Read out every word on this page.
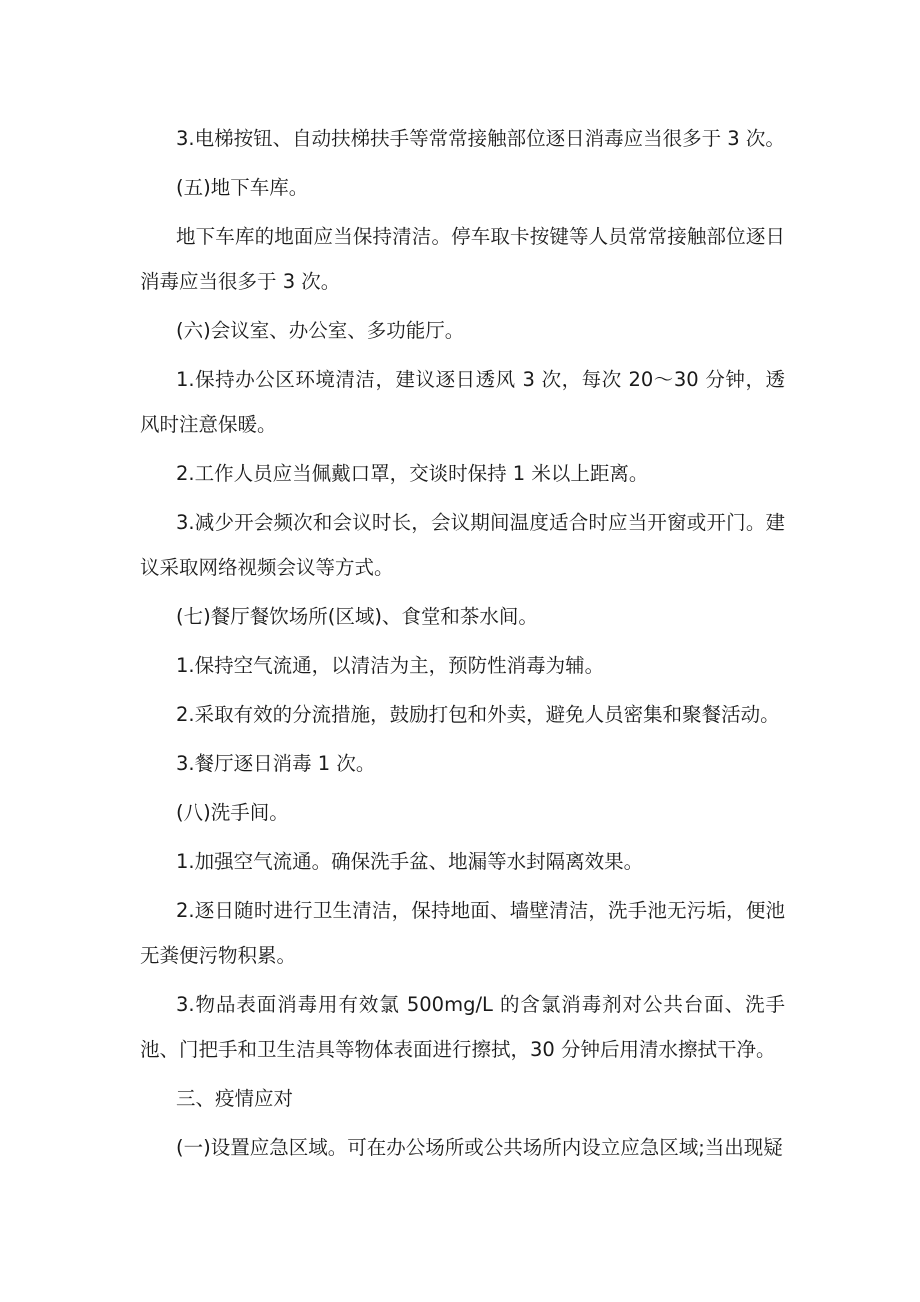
3.电梯按钮、自动扶梯扶手等常常接触部位逐日消毒应当很多于 3 次。

(五)地下车库。

地下车库的地面应当保持清洁。停车取卡按键等人员常常接触部位逐日消毒应当很多于 3 次。

(六)会议室、办公室、多功能厅。

1.保持办公区环境清洁，建议逐日透风 3 次，每次 20～30 分钟，透风时注意保暖。

2.工作人员应当佩戴口罩，交谈时保持 1 米以上距离。

3.减少开会频次和会议时长，会议期间温度适合时应当开窗或开门。建议采取网络视频会议等方式。

(七)餐厅餐饮场所(区域)、食堂和茶水间。

1.保持空气流通，以清洁为主，预防性消毒为辅。

2.采取有效的分流措施，鼓励打包和外卖，避免人员密集和聚餐活动。

3.餐厅逐日消毒 1 次。

(八)洗手间。

1.加强空气流通。确保洗手盆、地漏等水封隔离效果。

2.逐日随时进行卫生清洁，保持地面、墙壁清洁，洗手池无污垢，便池无粪便污物积累。

3.物品表面消毒用有效氯 500mg/L 的含氯消毒剂对公共台面、洗手池、门把手和卫生洁具等物体表面进行擦拭，30 分钟后用清水擦拭干净。

三、疫情应对

(一)设置应急区域。可在办公场所或公共场所内设立应急区域;当出现疑
